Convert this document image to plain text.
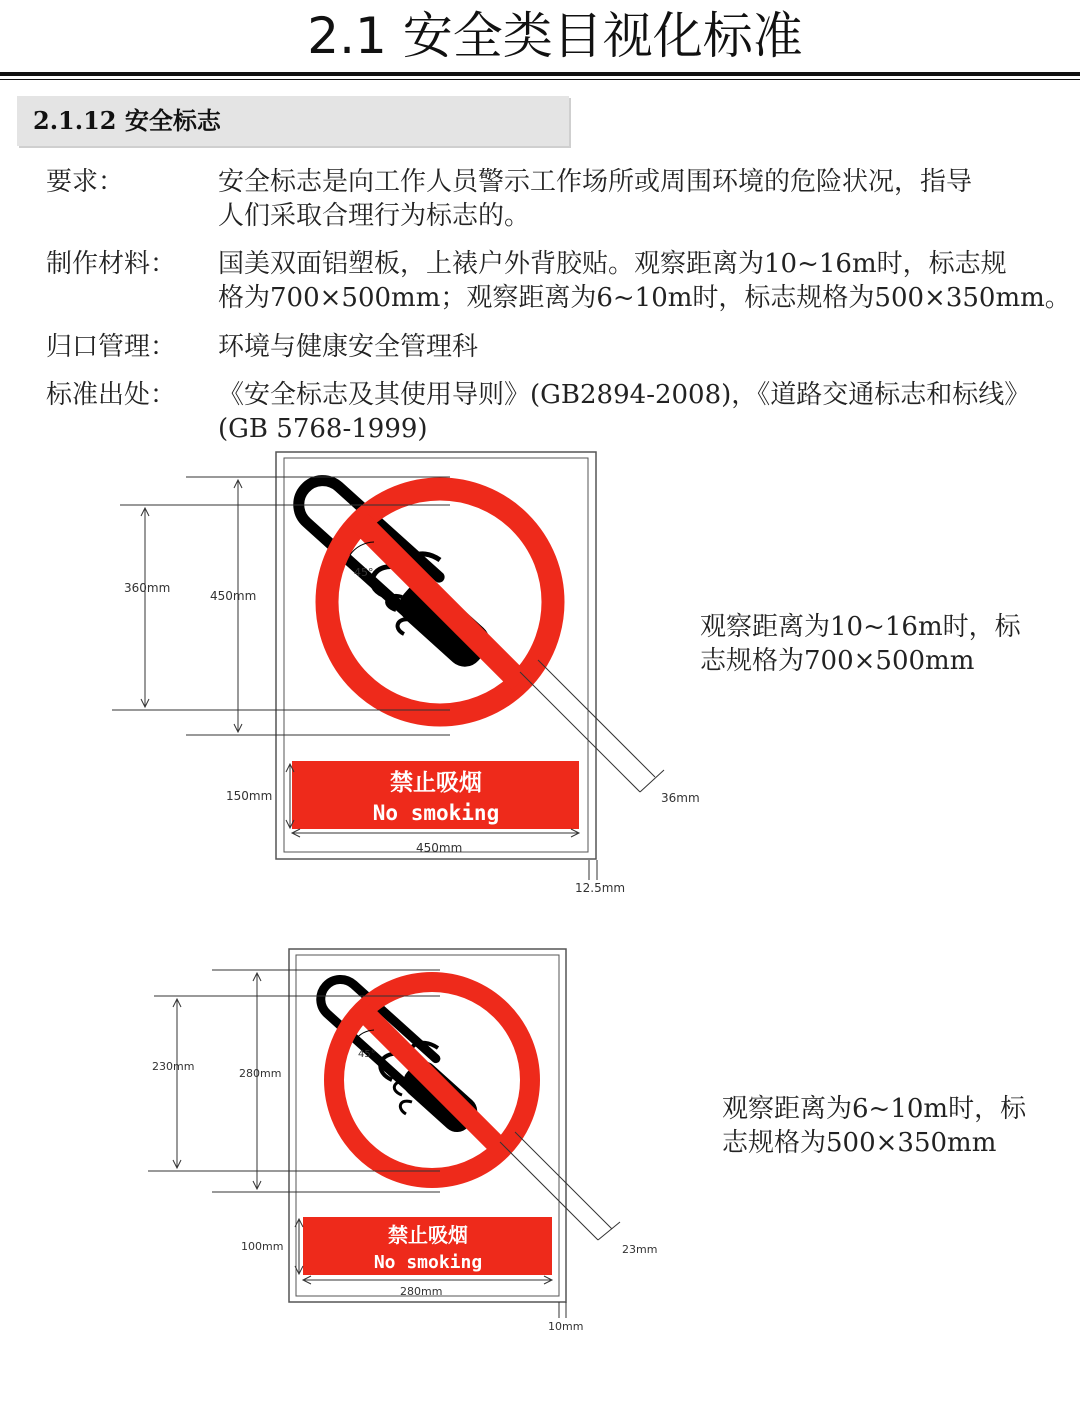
2.1 安全类目视化标准
2.1.12 安全标志
要求：	安全标志是向工作人员警示工作场所或周围环境的危险状况，指导
人们采取合理行为标志的。
制作材料： 国美双面铝塑板，上裱户外背胶贴。观察距离为10~16m时，标志规
格为700×500mm；观察距离为6~10m时，标志规格为500×350mm。
归口管理： 环境与健康安全管理科
标准出处： 《安全标志及其使用导则》(GB2894-2008)，《道路交通标志和标线》
(GB 5768-1999)
45°
36mm
360mm
450mm
禁止吸烟
No smoking
150mm
450mm
12.5mm
观察距离为10~16m时，标
志规格为700×500mm
45°
23mm
230mm
280mm
禁止吸烟
No smoking
100mm
280mm
10mm
观察距离为6~10m时，标
志规格为500×350mm
